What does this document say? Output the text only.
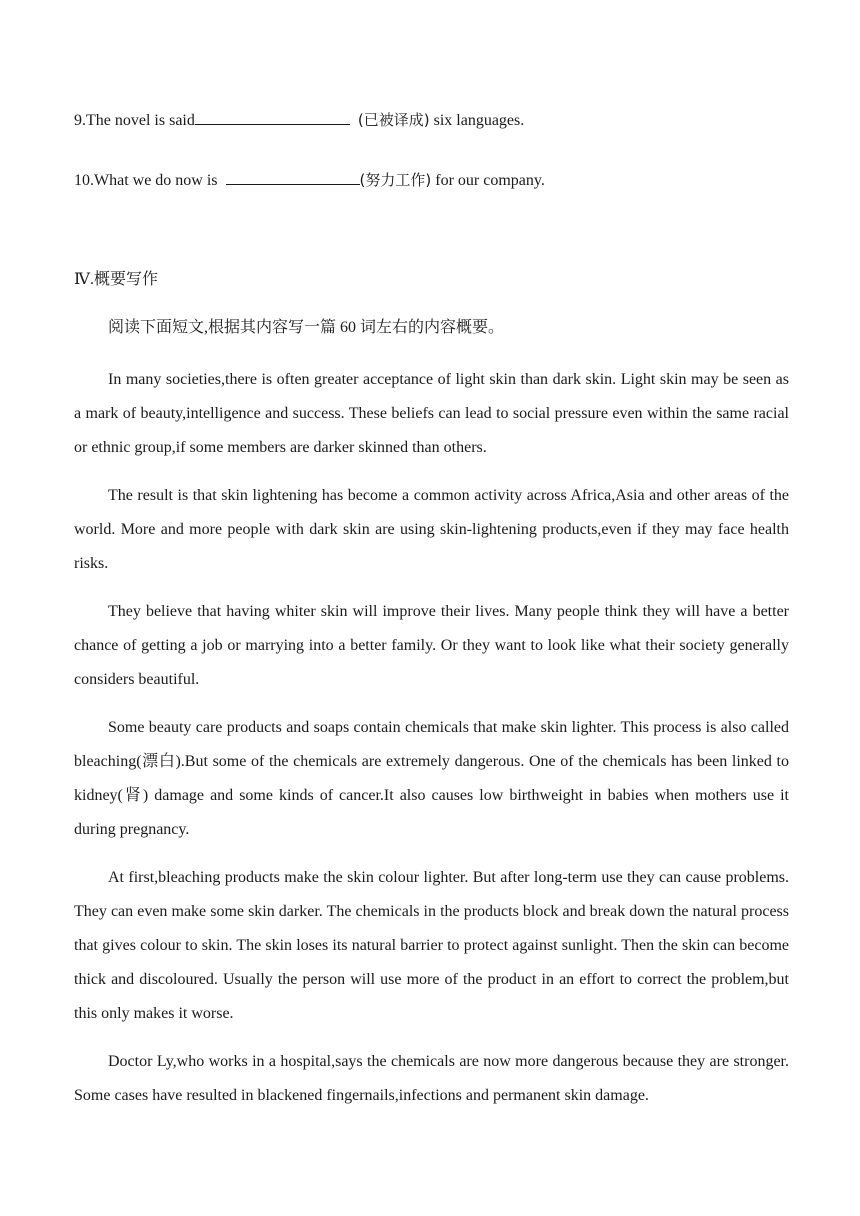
9.The novel is said	(已被译成) six languages.
10.What we do now is	(努力工作) for our company.
Ⅳ.概要写作
阅读下面短文,根据其内容写一篇 60 词左右的内容概要。

In many societies,there is often greater acceptance of light skin than dark skin. Light skin may be seen as a mark of beauty,intelligence and success. These beliefs can lead to social pressure even within the same racial or ethnic group,if some members are darker skinned than others.

The result is that skin lightening has become a common activity across Africa,Asia and other areas of the world. More and more people with dark skin are using skin-lightening products,even if they may face health risks.

They believe that having whiter skin will improve their lives. Many people think they will have a better chance of getting a job or marrying into a better family. Or they want to look like what their society generally considers beautiful.

Some beauty care products and soaps contain chemicals that make skin lighter. This process is also called bleaching(漂白).But some of the chemicals are extremely dangerous. One of the chemicals has been linked to kidney(肾) damage and some kinds of cancer.It also causes low birthweight in babies when mothers use it during pregnancy.

At first,bleaching products make the skin colour lighter. But after long-term use they can cause problems. They can even make some skin darker. The chemicals in the products block and break down the natural process that gives colour to skin. The skin loses its natural barrier to protect against sunlight. Then the skin can become thick and discoloured. Usually the person will use more of the product in an effort to correct the problem,but this only makes it worse.

Doctor Ly,who works in a hospital,says the chemicals are now more dangerous because they are stronger. Some cases have resulted in blackened fingernails,infections and permanent skin damage.
